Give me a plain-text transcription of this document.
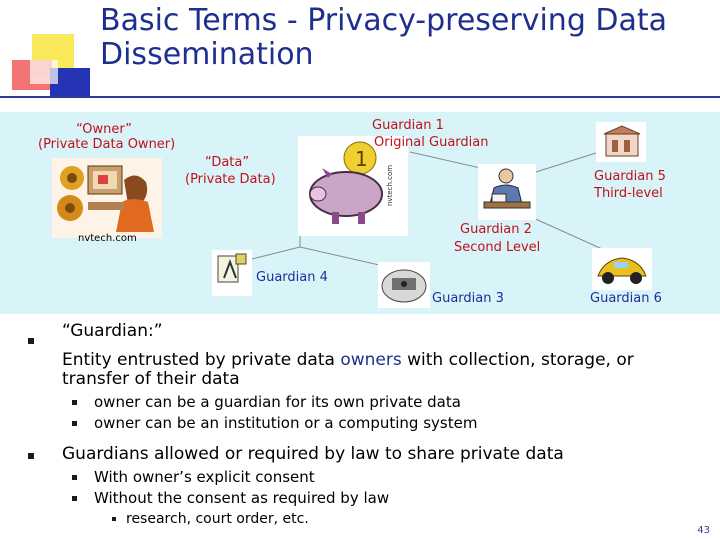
Basic Terms - Privacy-preserving Data Dissemination
nvtech.com
1
nvtech.com
“Owner”
(Private Data Owner)
Guardian 1
Original Guardian
“Data”
(Private Data)	Guardian 5
Third-level
Guardian 2
Second Level
Guardian 4
Guardian 3	Guardian 6
“Guardian:”
Entity entrusted by private data owners with collection, storage, or
transfer of their data
owner can be a guardian for its own private data
owner can be an institution or a computing system
Guardians allowed or required by law to share private data
With owner’s explicit consent
Without the consent as required by law
research, court order, etc.
43
